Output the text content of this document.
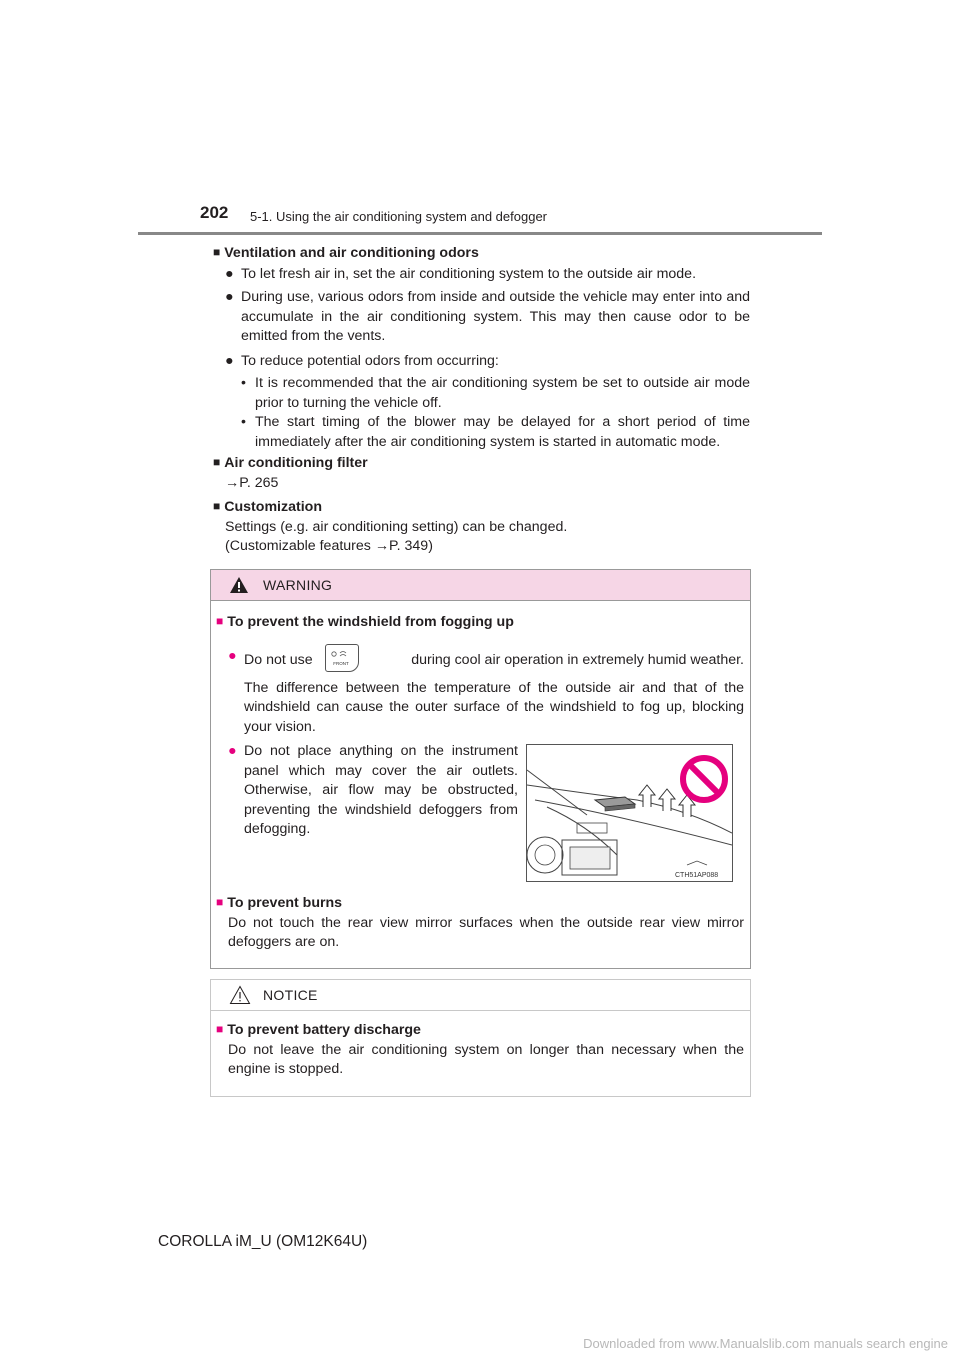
202 5-1. Using the air conditioning system and defogger
■ Ventilation and air conditioning odors
● To let fresh air in, set the air conditioning system to the outside air mode.
● During use, various odors from inside and outside the vehicle may enter into and accumulate in the air conditioning system. This may then cause odor to be emitted from the vents.
● To reduce potential odors from occurring:
• It is recommended that the air conditioning system be set to outside air mode prior to turning the vehicle off.
• The start timing of the blower may be delayed for a short period of time immediately after the air conditioning system is started in automatic mode.
■ Air conditioning filter
→P. 265
■ Customization
Settings (e.g. air conditioning setting) can be changed.
(Customizable features →P. 349)
WARNING
■ To prevent the windshield from fogging up
● Do not use	FRONT	during cool air operation in extremely humid weather.
The difference between the temperature of the outside air and that of the windshield can cause the outer surface of the windshield to fog up, blocking your vision.
● Do not place anything on the instrument panel which may cover the air outlets. Otherwise, air flow may be obstructed, preventing the windshield defoggers from defogging.
CTH51AP088
■ To prevent burns
Do not touch the rear view mirror surfaces when the outside rear view mirror defoggers are on.
NOTICE
■ To prevent battery discharge
Do not leave the air conditioning system on longer than necessary when the engine is stopped.
COROLLA iM_U (OM12K64U)
Downloaded from www.Manualslib.com manuals search engine
